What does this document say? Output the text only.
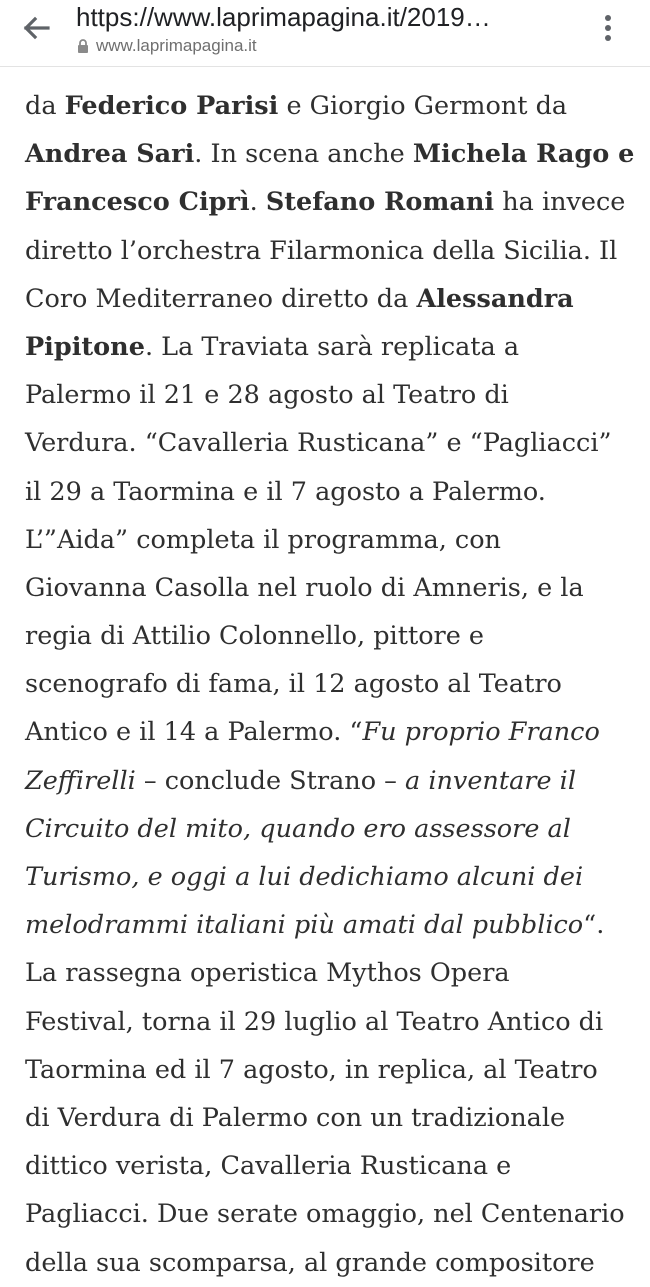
https://www.laprimapagina.it/2019…
www.laprimapagina.it
da Federico Parisi e Giorgio Germont da
Andrea Sari. In scena anche Michela Rago e
Francesco Ciprì. Stefano Romani ha invece
diretto l’orchestra Filarmonica della Sicilia. Il
Coro Mediterraneo diretto da Alessandra
Pipitone. La Traviata sarà replicata a
Palermo il 21 e 28 agosto al Teatro di
Verdura. “Cavalleria Rusticana” e “Pagliacci”
il 29 a Taormina e il 7 agosto a Palermo.
L’”Aida” completa il programma, con
Giovanna Casolla nel ruolo di Amneris, e la
regia di Attilio Colonnello, pittore e
scenografo di fama, il 12 agosto al Teatro
Antico e il 14 a Palermo. “Fu proprio Franco
Zeffirelli – conclude Strano – a inventare il
Circuito del mito, quando ero assessore al
Turismo, e oggi a lui dedichiamo alcuni dei
melodrammi italiani più amati dal pubblico“.
La rassegna operistica Mythos Opera
Festival, torna il 29 luglio al Teatro Antico di
Taormina ed il 7 agosto, in replica, al Teatro
di Verdura di Palermo con un tradizionale
dittico verista, Cavalleria Rusticana e
Pagliacci. Due serate omaggio, nel Centenario
della sua scomparsa, al grande compositore
